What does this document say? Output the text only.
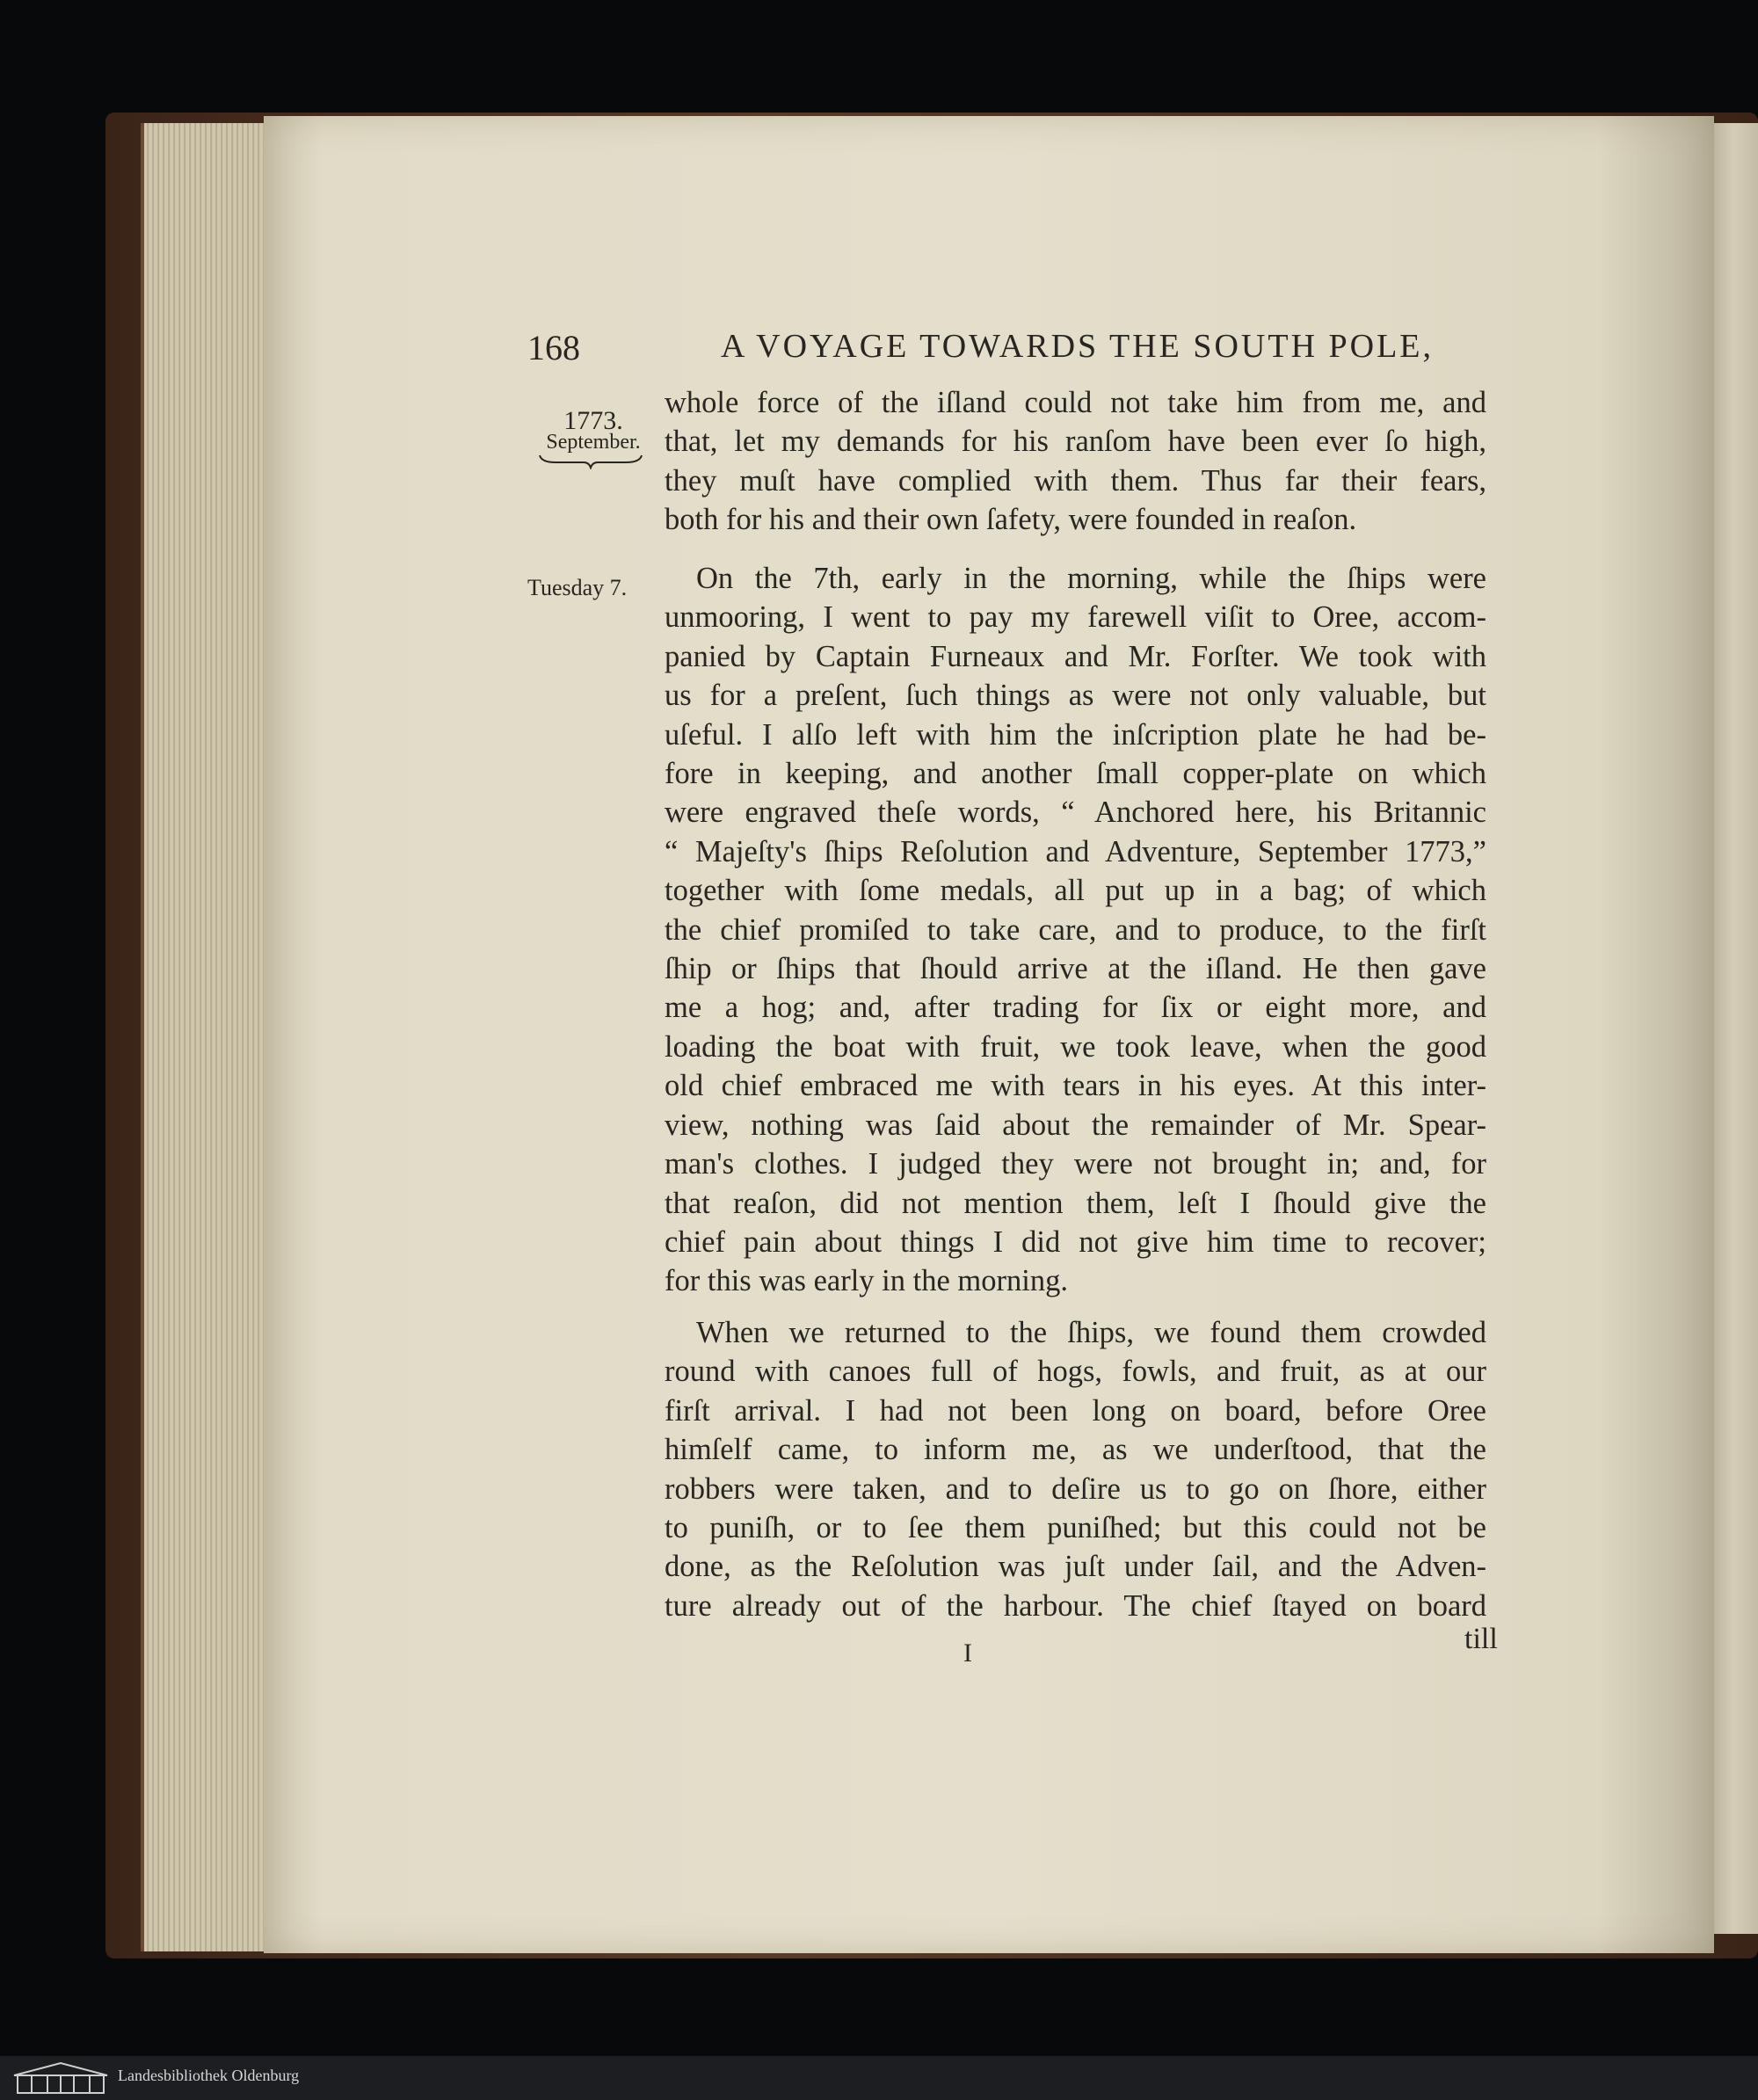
168	A VOYAGE TOWARDS THE SOUTH POLE,
1773.
September.
Tuesday 7.
whole force of the iſland could not take him from me, and
that, let my demands for his ranſom have been ever ſo high,
they muſt have complied with them. Thus far their fears,
both for his and their own ſafety, were founded in reaſon.
On the 7th, early in the morning, while the ſhips were
unmooring, I went to pay my farewell viſit to Oree, accom-
panied by Captain Furneaux and Mr. Forſter. We took with
us for a preſent, ſuch things as were not only valuable, but
uſeful. I alſo left with him the inſcription plate he had be-
fore in keeping, and another ſmall copper-plate on which
were engraved theſe words, “ Anchored here, his Britannic
“ Majeſty's ſhips Reſolution and Adventure, September 1773,”
together with ſome medals, all put up in a bag; of which
the chief promiſed to take care, and to produce, to the firſt
ſhip or ſhips that ſhould arrive at the iſland. He then gave
me a hog; and, after trading for ſix or eight more, and
loading the boat with fruit, we took leave, when the good
old chief embraced me with tears in his eyes. At this inter-
view, nothing was ſaid about the remainder of Mr. Spear-
man's clothes. I judged they were not brought in; and, for
that reaſon, did not mention them, leſt I ſhould give the
chief pain about things I did not give him time to recover;
for this was early in the morning.
When we returned to the ſhips, we found them crowded
round with canoes full of hogs, fowls, and fruit, as at our
firſt arrival. I had not been long on board, before Oree
himſelf came, to inform me, as we underſtood, that the
robbers were taken, and to deſire us to go on ſhore, either
to puniſh, or to ſee them puniſhed; but this could not be
done, as the Reſolution was juſt under ſail, and the Adven-
ture already out of the harbour. The chief ſtayed on board
I	till
Landesbibliothek Oldenburg
